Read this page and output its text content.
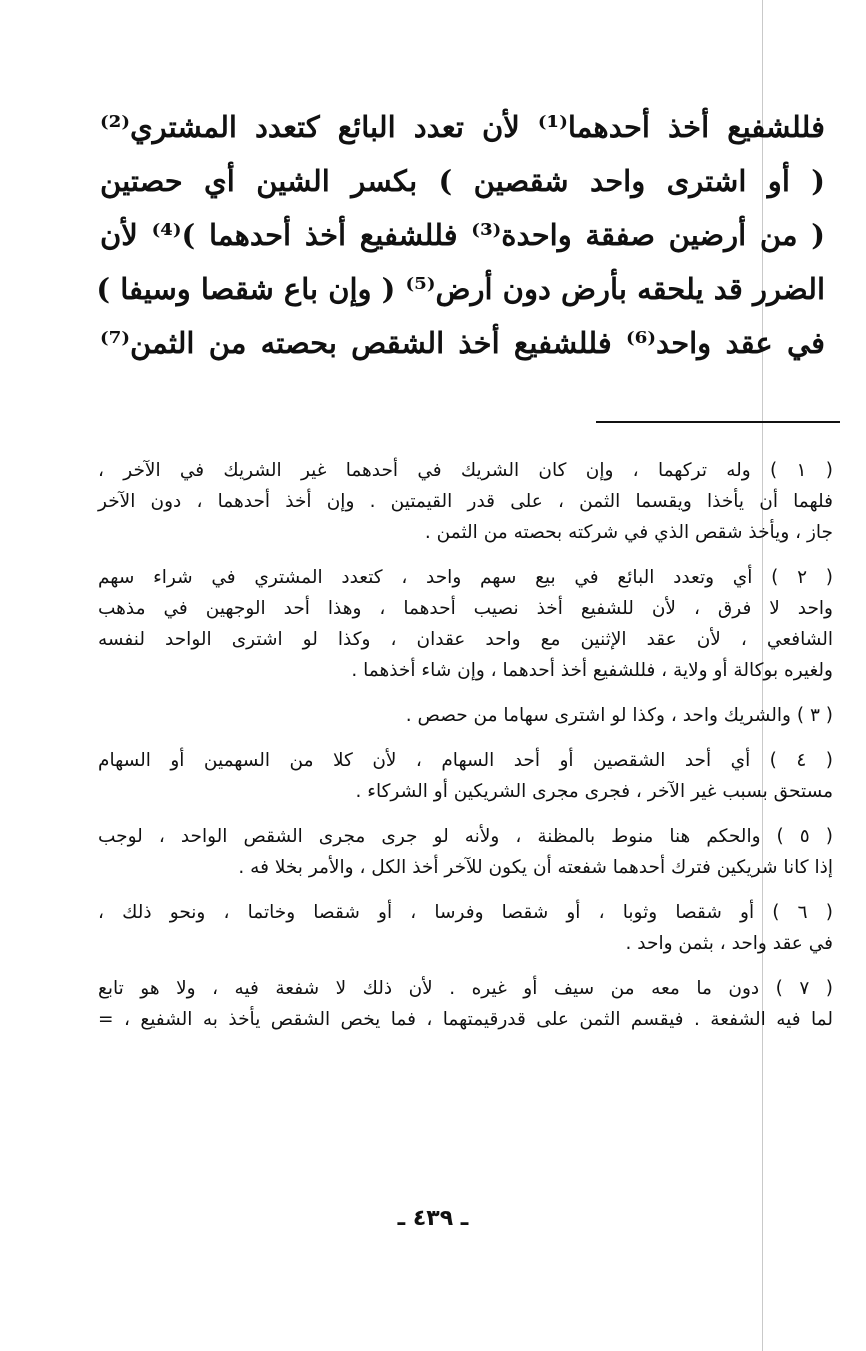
فللشفيع أخذ أحدهما⁽¹⁾ لأن تعدد البائع كتعدد المشتري⁽²⁾
( أو اشترى واحد شقصين ) بكسر الشين أي حصتين
( من أرضين صفقة واحدة⁽³⁾ فللشفيع أخذ أحدهما )⁽⁴⁾ لأن
الضرر قد يلحقه بأرض دون أرض⁽⁵⁾ ( وإن باع شقصا وسيفا )
في عقد واحد⁽⁶⁾ فللشفيع أخذ الشقص بحصته من الثمن⁽⁷⁾
( ١ ) وله تركهما ، وإن كان الشريك في أحدهما غير الشريك في الآخر ،
فلهما أن يأخذا ويقسما الثمن ، على قدر القيمتين . وإن أخذ أحدهما ، دون الآخر
جاز ، ويأخذ شقص الذي في شركته بحصته من الثمن .
( ٢ ) أي وتعدد البائع في بيع سهم واحد ، كتعدد المشتري في شراء سهم
واحد لا فرق ، لأن للشفيع أخذ نصيب أحدهما ، وهذا أحد الوجهين في مذهب
الشافعي ، لأن عقد الإثنين مع واحد عقدان ، وكذا لو اشترى الواحد لنفسه
ولغيره بوكالة أو ولاية ، فللشفيع أخذ أحدهما ، وإن شاء أخذهما .
( ٣ ) والشريك واحد ، وكذا لو اشترى سهاما من حصص .
( ٤ ) أي أحد الشقصين أو أحد السهام ، لأن كلا من السهمين أو السهام
مستحق بسبب غير الآخر ، فجرى مجرى الشريكين أو الشركاء .
( ٥ ) والحكم هنا منوط بالمظنة ، ولأنه لو جرى مجرى الشقص الواحد ، لوجب
إذا كانا شريكين فترك أحدهما شفعته أن يكون للآخر أخذ الكل ، والأمر بخلا فه .
( ٦ ) أو شقصا وثوبا ، أو شقصا وفرسا ، أو شقصا وخاتما ، ونحو ذلك ،
في عقد واحد ، بثمن واحد .
( ٧ ) دون ما معه من سيف أو غيره . لأن ذلك لا شفعة فيه ، ولا هو تابع
لما فيه الشفعة . فيقسم الثمن على قدرقيمتهما ، فما يخص الشقص يأخذ به الشفيع ، =
ـ ٤٣٩ ـ
